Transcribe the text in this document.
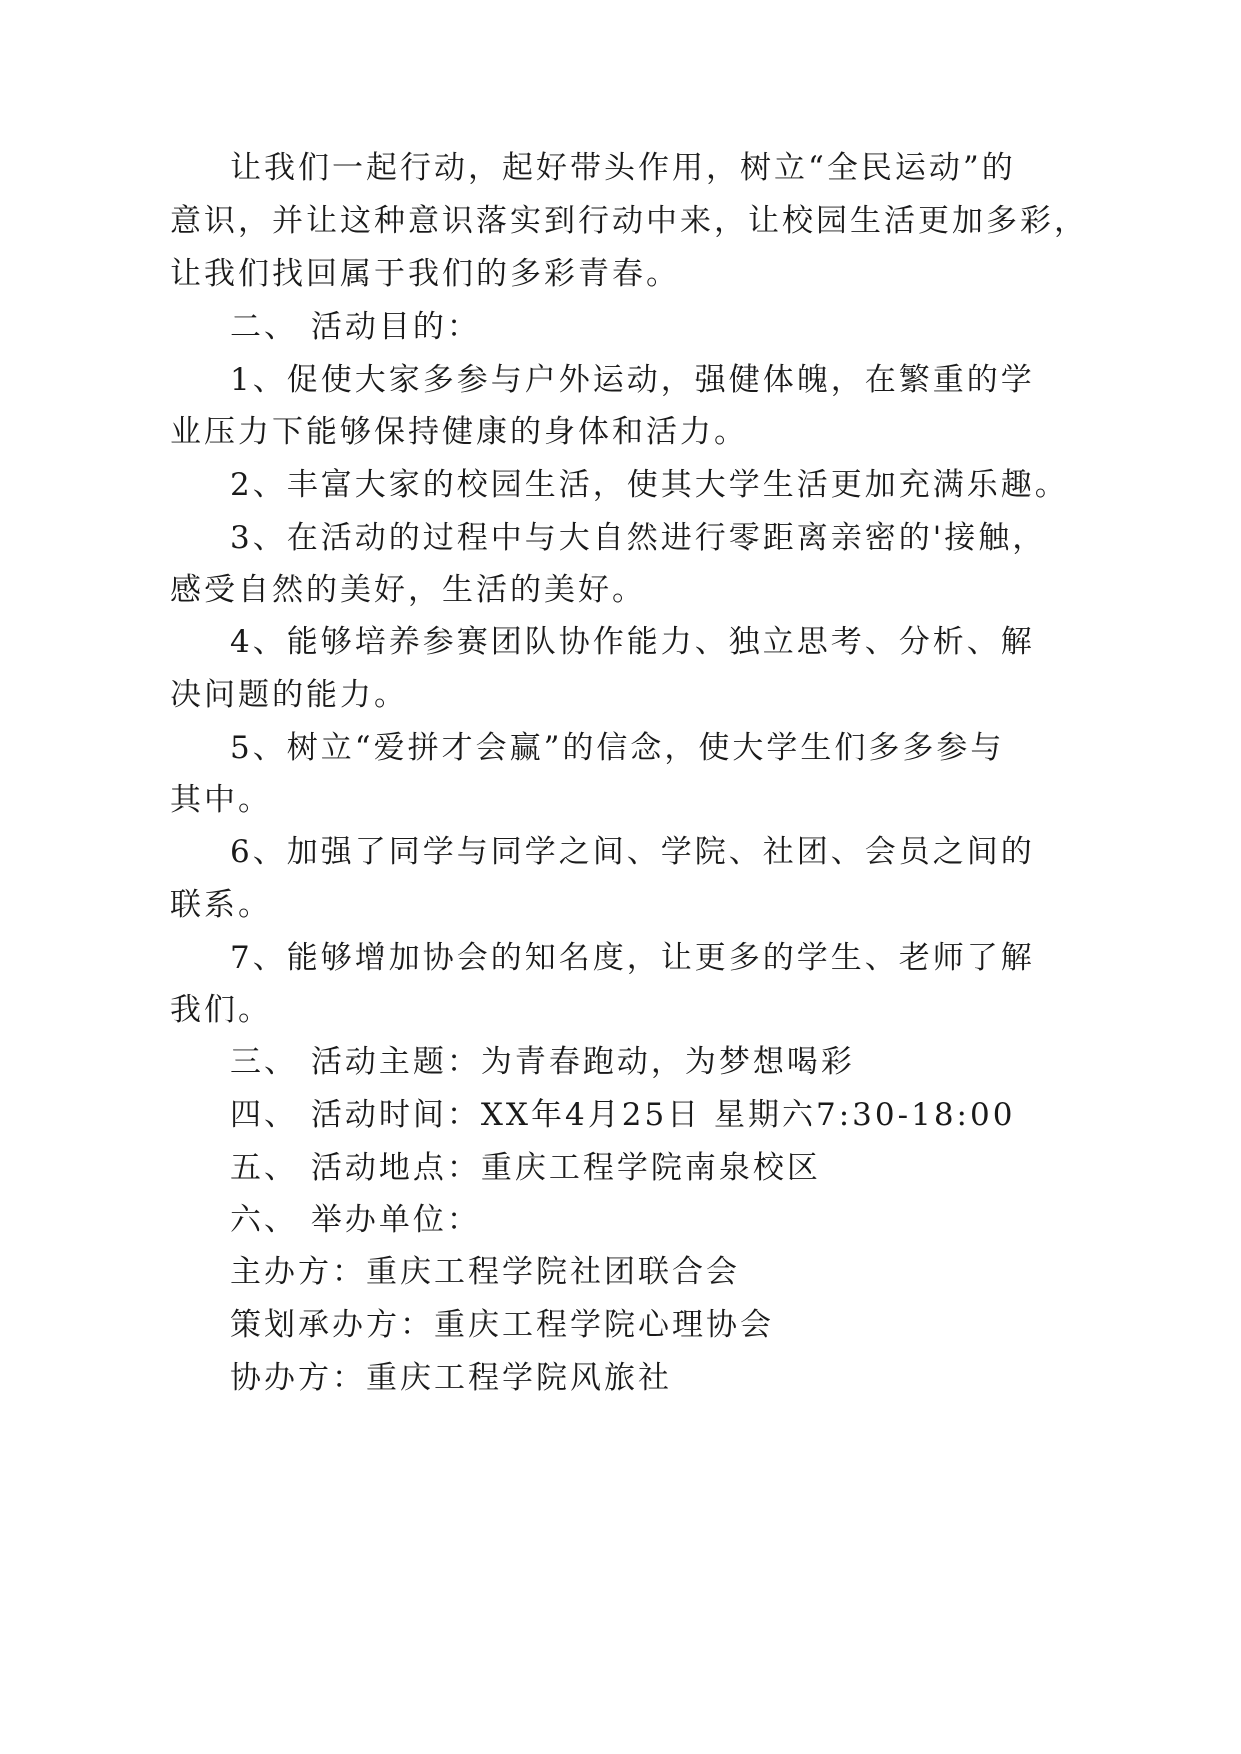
让我们一起行动，起好带头作用，树立“全民运动”的
意识，并让这种意识落实到行动中来，让校园生活更加多彩，
让我们找回属于我们的多彩青春。
二、 活动目的：
1、促使大家多参与户外运动，强健体魄，在繁重的学
业压力下能够保持健康的身体和活力。
2、丰富大家的校园生活，使其大学生活更加充满乐趣。
3、在活动的过程中与大自然进行零距离亲密的'接触，
感受自然的美好，生活的美好。
4、能够培养参赛团队协作能力、独立思考、分析、解
决问题的能力。
5、树立“爱拼才会赢”的信念，使大学生们多多参与
其中。
6、加强了同学与同学之间、学院、社团、会员之间的
联系。
7、能够增加协会的知名度，让更多的学生、老师了解
我们。
三、 活动主题：为青春跑动，为梦想喝彩
四、 活动时间：XX年4月25日 星期六7:30-18:00
五、 活动地点：重庆工程学院南泉校区
六、 举办单位：
主办方：重庆工程学院社团联合会
策划承办方：重庆工程学院心理协会
协办方：重庆工程学院风旅社
